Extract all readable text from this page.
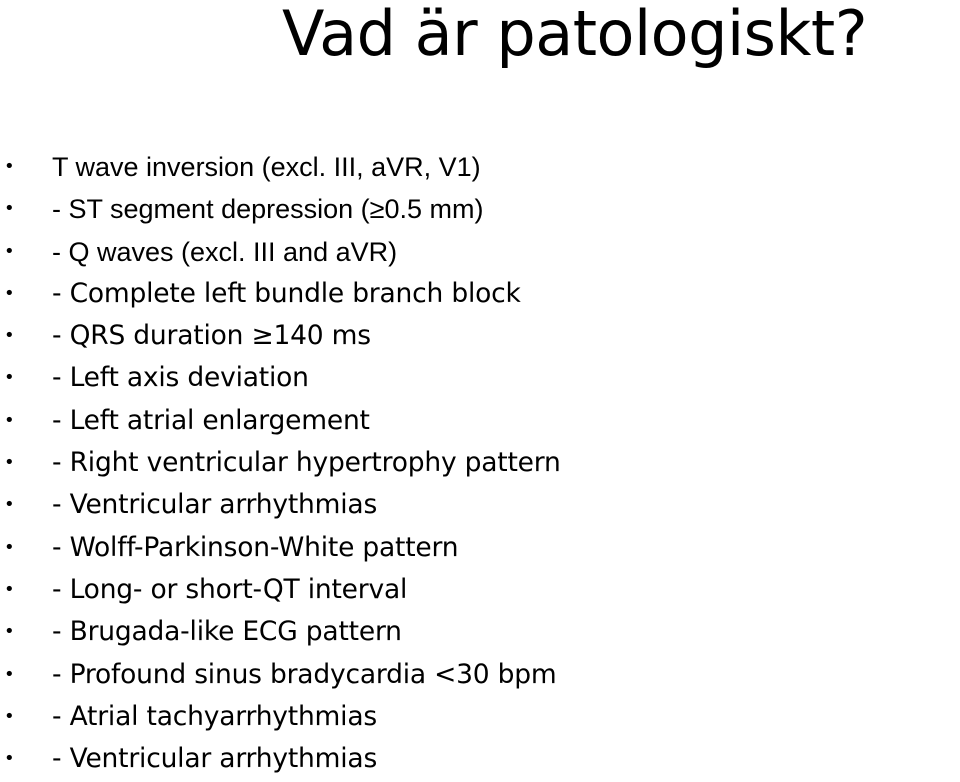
Vad är patologiskt?
• T wave inversion (excl. III, aVR, V1)
• - ST segment depression (≥0.5 mm)
• - Q waves (excl. III and aVR)
• - Complete left bundle branch block
• - QRS duration ≥140 ms
• - Left axis deviation
• - Left atrial enlargement
• - Right ventricular hypertrophy pattern
• - Ventricular arrhythmias
• - Wolff-Parkinson-White pattern
• - Long- or short-QT interval
• - Brugada-like ECG pattern
• - Profound sinus bradycardia <30 bpm
• - Atrial tachyarrhythmias
• - Ventricular arrhythmias
